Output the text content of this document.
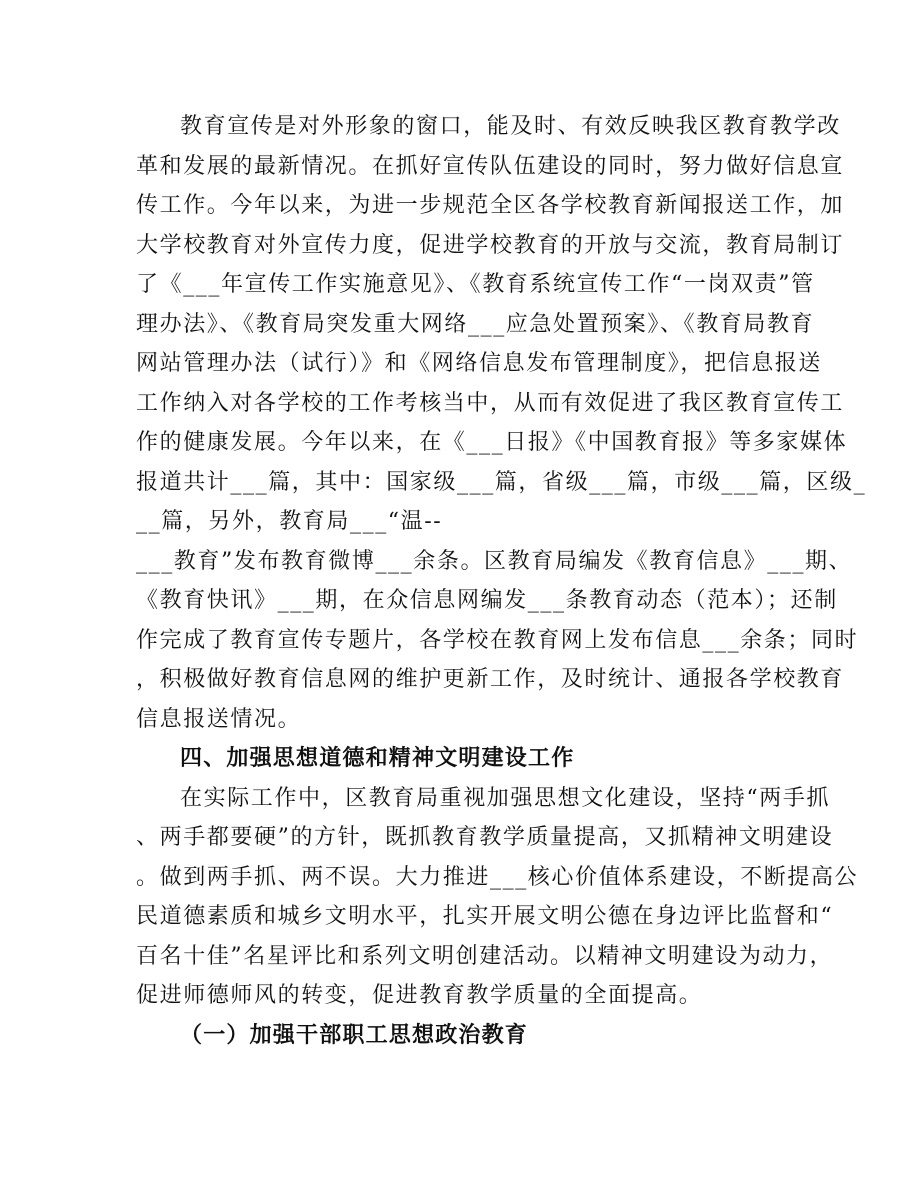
教育宣传是对外形象的窗口，能及时、有效反映我区教育教学改
革和发展的最新情况。在抓好宣传队伍建设的同时，努力做好信息宣
传工作。今年以来，为进一步规范全区各学校教育新闻报送工作，加
大学校教育对外宣传力度，促进学校教育的开放与交流，教育局制订
了《___年宣传工作实施意见》、《教育系统宣传工作“一岗双责”管
理办法》、《教育局突发重大网络___应急处置预案》、《教育局教育
网站管理办法（试行）》和《网络信息发布管理制度》，把信息报送
工作纳入对各学校的工作考核当中，从而有效促进了我区教育宣传工
作的健康发展。今年以来，在《___日报》《中国教育报》等多家媒体
报道共计___篇，其中：国家级___篇，省级___篇，市级___篇，区级_
__篇，另外，教育局___“温--
___教育”发布教育微博___余条。区教育局编发《教育信息》___期、
《教育快讯》___期，在众信息网编发___条教育动态（范本）；还制
作完成了教育宣传专题片，各学校在教育网上发布信息___余条；同时
，积极做好教育信息网的维护更新工作，及时统计、通报各学校教育
信息报送情况。
四、加强思想道德和精神文明建设工作
在实际工作中，区教育局重视加强思想文化建设，坚持“两手抓
、两手都要硬”的方针，既抓教育教学质量提高，又抓精神文明建设
。做到两手抓、两不误。大力推进___核心价值体系建设，不断提高公
民道德素质和城乡文明水平，扎实开展文明公德在身边评比监督和“
百名十佳”名星评比和系列文明创建活动。以精神文明建设为动力，
促进师德师风的转变，促进教育教学质量的全面提高。
（一）加强干部职工思想政治教育
